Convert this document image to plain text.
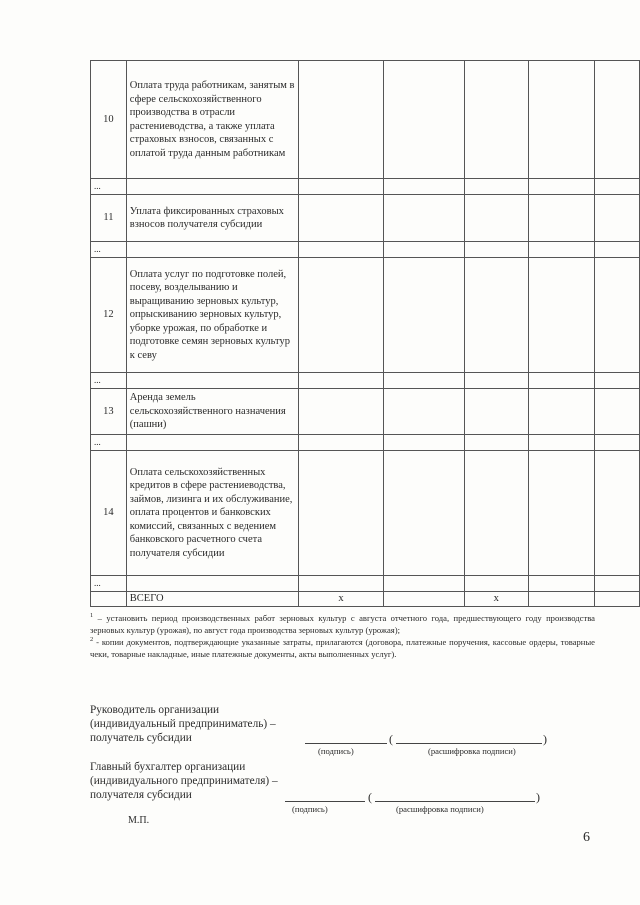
10	Оплата труда работникам, занятым в сфере сельскохозяйственного производства в отрасли растениеводства, а также уплата страховых взносов, связанных с оплатой труда данным работникам					
...						
11	Уплата фиксированных страховых взносов получателя субсидии					
...						
12	Оплата услуг по подготовке полей, посеву, возделыванию и выращиванию зерновых культур, опрыскиванию зерновых культур, уборке урожая, по обработке и подготовке семян зерновых культур к севу					
...						
13	Аренда земель сельскохозяйственного назначения (пашни)					
...						
14	Оплата сельскохозяйственных кредитов в сфере растениеводства, займов, лизинга и их обслуживание, оплата процентов и банковских комиссий, связанных с ведением банковского расчетного счета получателя субсидии					
...						
	ВСЕГО	х		х		

$^1$ – установить период производственных работ зерновых культур с августа отчетного года, предшествующего году производства зерновых культур (урожая), по август года производства зерновых культур (урожая);

$^2$ - копии документов, подтверждающие указанные затраты, прилагаются (договора, платежные поручения, кассовые ордеры, товарные чеки, товарные накладные, иные платежные документы, акты выполненных услуг).

Руководитель организации

(индивидуальный предприниматель) –

получатель субсидии	(	)
(подпись)	(расшифровка подписи)

Главный бухгалтер организации

(индивидуального предпринимателя) –

получателя субсидии	(	)
(подпись)	(расшифровка подписи)
М.П.
6
